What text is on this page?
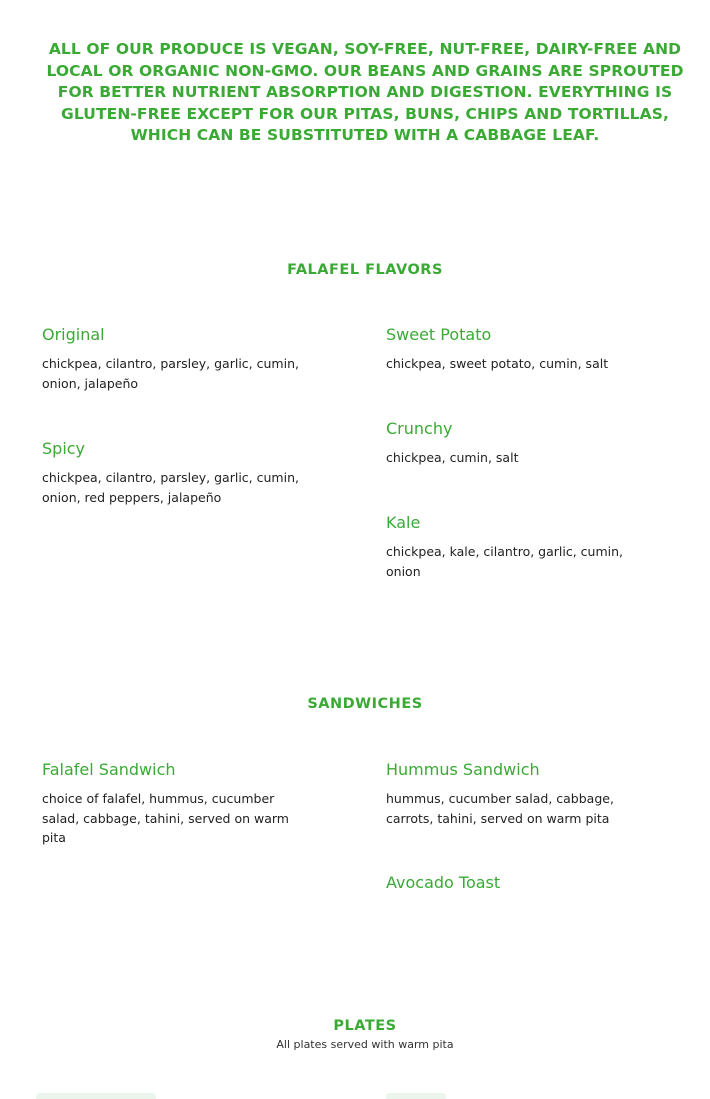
ALL OF OUR PRODUCE IS VEGAN, SOY-FREE, NUT-FREE, DAIRY-FREE AND LOCAL OR ORGANIC NON-GMO. OUR BEANS AND GRAINS ARE SPROUTED FOR BETTER NUTRIENT ABSORPTION AND DIGESTION. EVERYTHING IS GLUTEN-FREE EXCEPT FOR OUR PITAS, BUNS, CHIPS AND TORTILLAS, WHICH CAN BE SUBSTITUTED WITH A CABBAGE LEAF.

FALAFEL FLAVORS

Original

chickpea, cilantro, parsley, garlic, cumin, onion, jalapeño

Spicy

chickpea, cilantro, parsley, garlic, cumin, onion, red peppers, jalapeño

Sweet Potato

chickpea, sweet potato, cumin, salt

Crunchy

chickpea, cumin, salt

Kale

chickpea, kale, cilantro, garlic, cumin, onion

SANDWICHES

Falafel Sandwich

choice of falafel, hummus, cucumber salad, cabbage, tahini, served on warm pita

Hummus Sandwich

hummus, cucumber salad, cabbage, carrots, tahini, served on warm pita

Avocado Toast

PLATES
All plates served with warm pita
